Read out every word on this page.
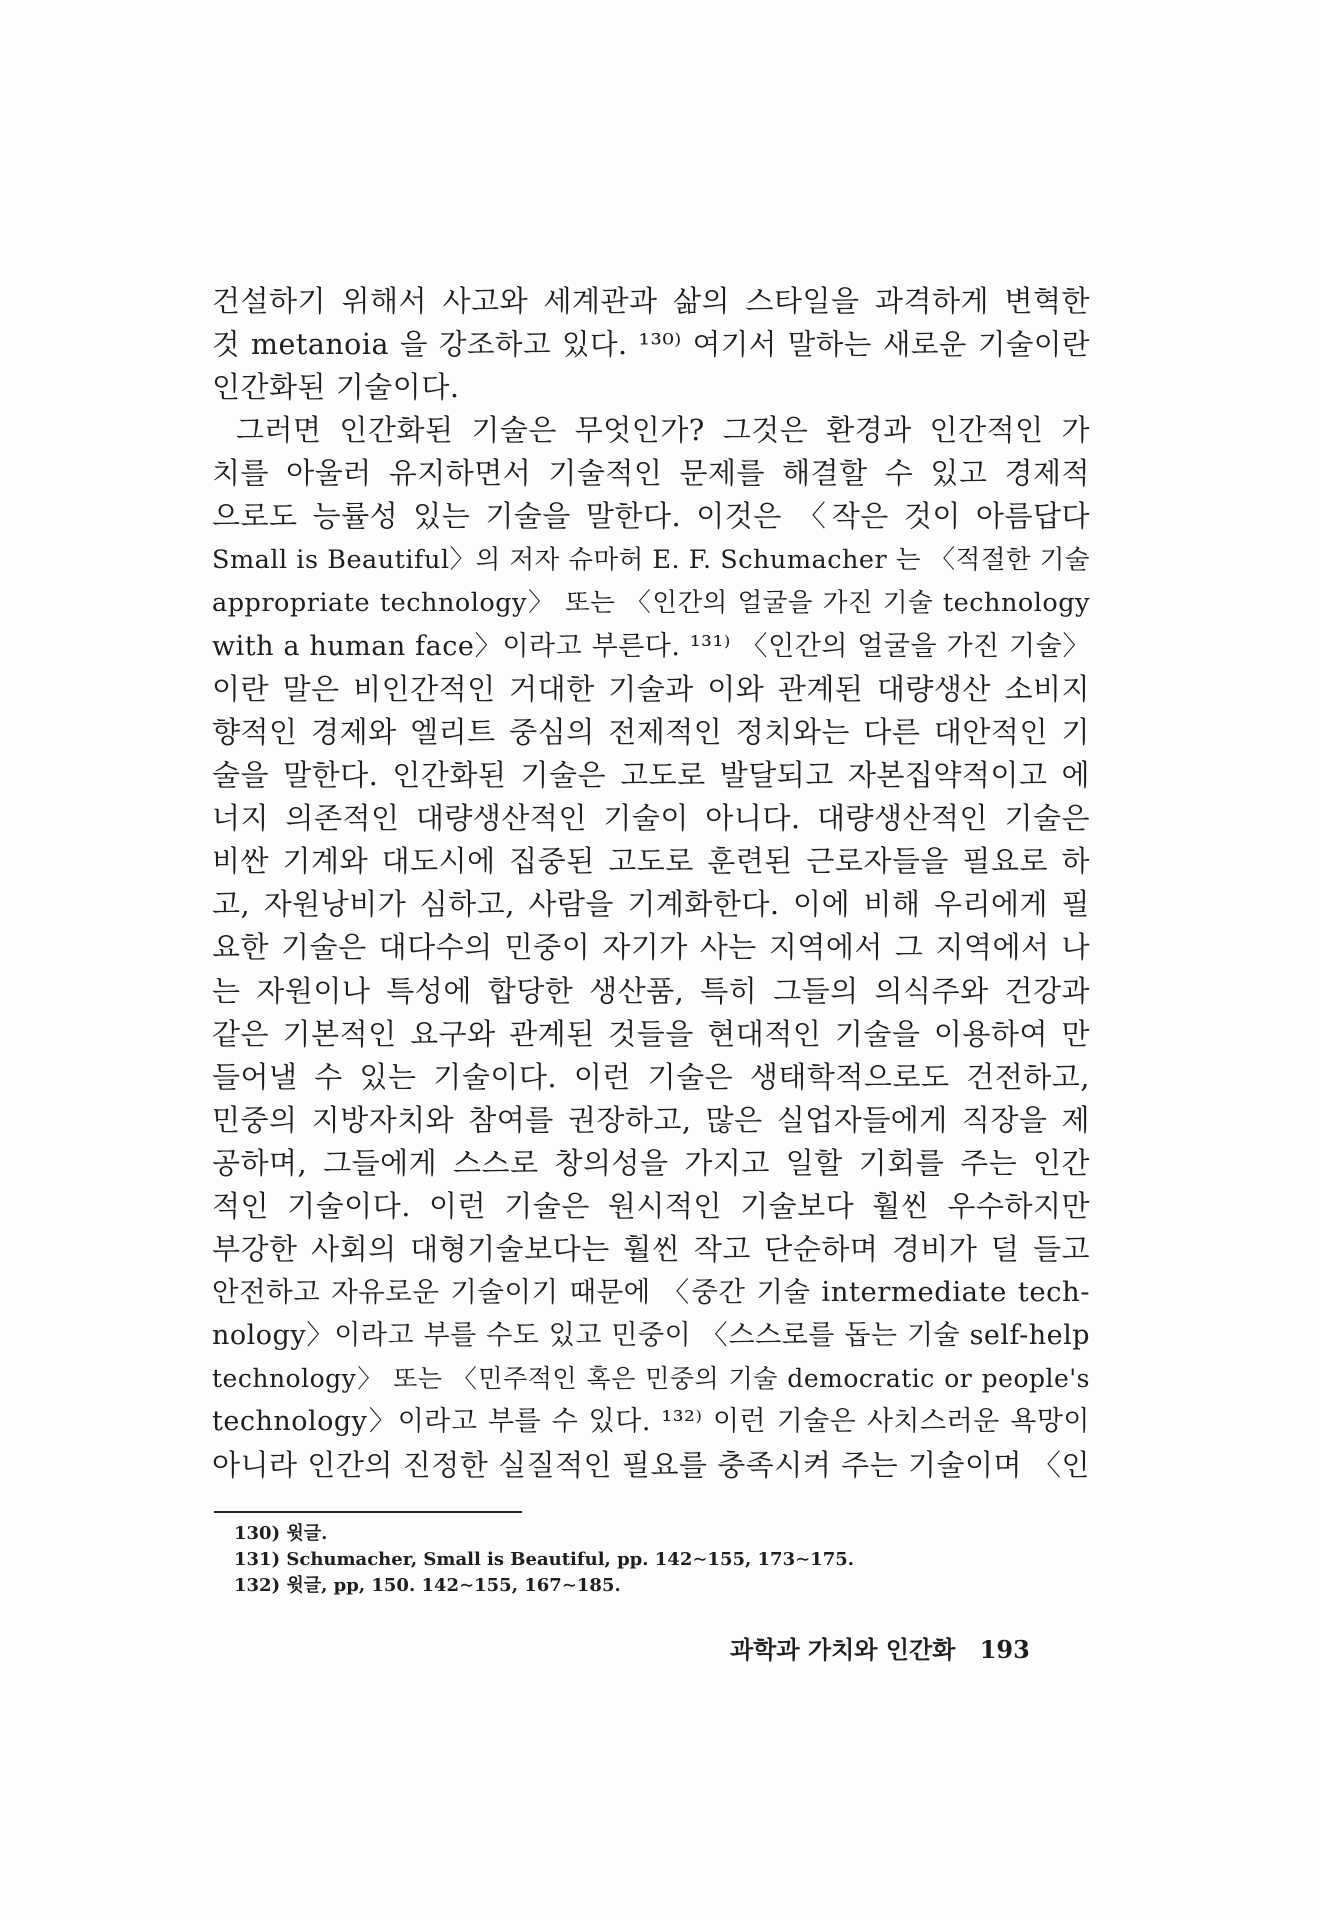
건설하기 위해서 사고와 세계관과 삶의 스타일을 과격하게 변혁한
것 metanoia 을 강조하고 있다. ¹³⁰⁾ 여기서 말하는 새로운 기술이란
인간화된 기술이다.

그러면 인간화된 기술은 무엇인가? 그것은 환경과 인간적인 가
치를 아울러 유지하면서 기술적인 문제를 해결할 수 있고 경제적
으로도 능률성 있는 기술을 말한다. 이것은 〈작은 것이 아름답다
Small is Beautiful〉의 저자 슈마허 E. F. Schumacher 는 〈적절한 기술
appropriate technology〉 또는 〈인간의 얼굴을 가진 기술 technology
with a human face〉이라고 부른다. ¹³¹⁾ 〈인간의 얼굴을 가진 기술〉
이란 말은 비인간적인 거대한 기술과 이와 관계된 대량생산 소비지
향적인 경제와 엘리트 중심의 전제적인 정치와는 다른 대안적인 기
술을 말한다. 인간화된 기술은 고도로 발달되고 자본집약적이고 에
너지 의존적인 대량생산적인 기술이 아니다. 대량생산적인 기술은
비싼 기계와 대도시에 집중된 고도로 훈련된 근로자들을 필요로 하
고, 자원낭비가 심하고, 사람을 기계화한다. 이에 비해 우리에게 필
요한 기술은 대다수의 민중이 자기가 사는 지역에서 그 지역에서 나
는 자원이나 특성에 합당한 생산품, 특히 그들의 의식주와 건강과
같은 기본적인 요구와 관계된 것들을 현대적인 기술을 이용하여 만
들어낼 수 있는 기술이다. 이런 기술은 생태학적으로도 건전하고,
민중의 지방자치와 참여를 권장하고, 많은 실업자들에게 직장을 제
공하며, 그들에게 스스로 창의성을 가지고 일할 기회를 주는 인간
적인 기술이다. 이런 기술은 원시적인 기술보다 훨씬 우수하지만
부강한 사회의 대형기술보다는 훨씬 작고 단순하며 경비가 덜 들고
안전하고 자유로운 기술이기 때문에 〈중간 기술 intermediate tech-
nology〉이라고 부를 수도 있고 민중이 〈스스로를 돕는 기술 self-help
technology〉 또는 〈민주적인 혹은 민중의 기술 democratic or people's
technology〉이라고 부를 수 있다. ¹³²⁾ 이런 기술은 사치스러운 욕망이
아니라 인간의 진정한 실질적인 필요를 충족시켜 주는 기술이며 〈인

130) 윗글.
131) Schumacher, Small is Beautiful, pp. 142∼155, 173∼175.
132) 윗글, pp, 150. 142∼155, 167∼185.
과학과 가치와 인간화 193
